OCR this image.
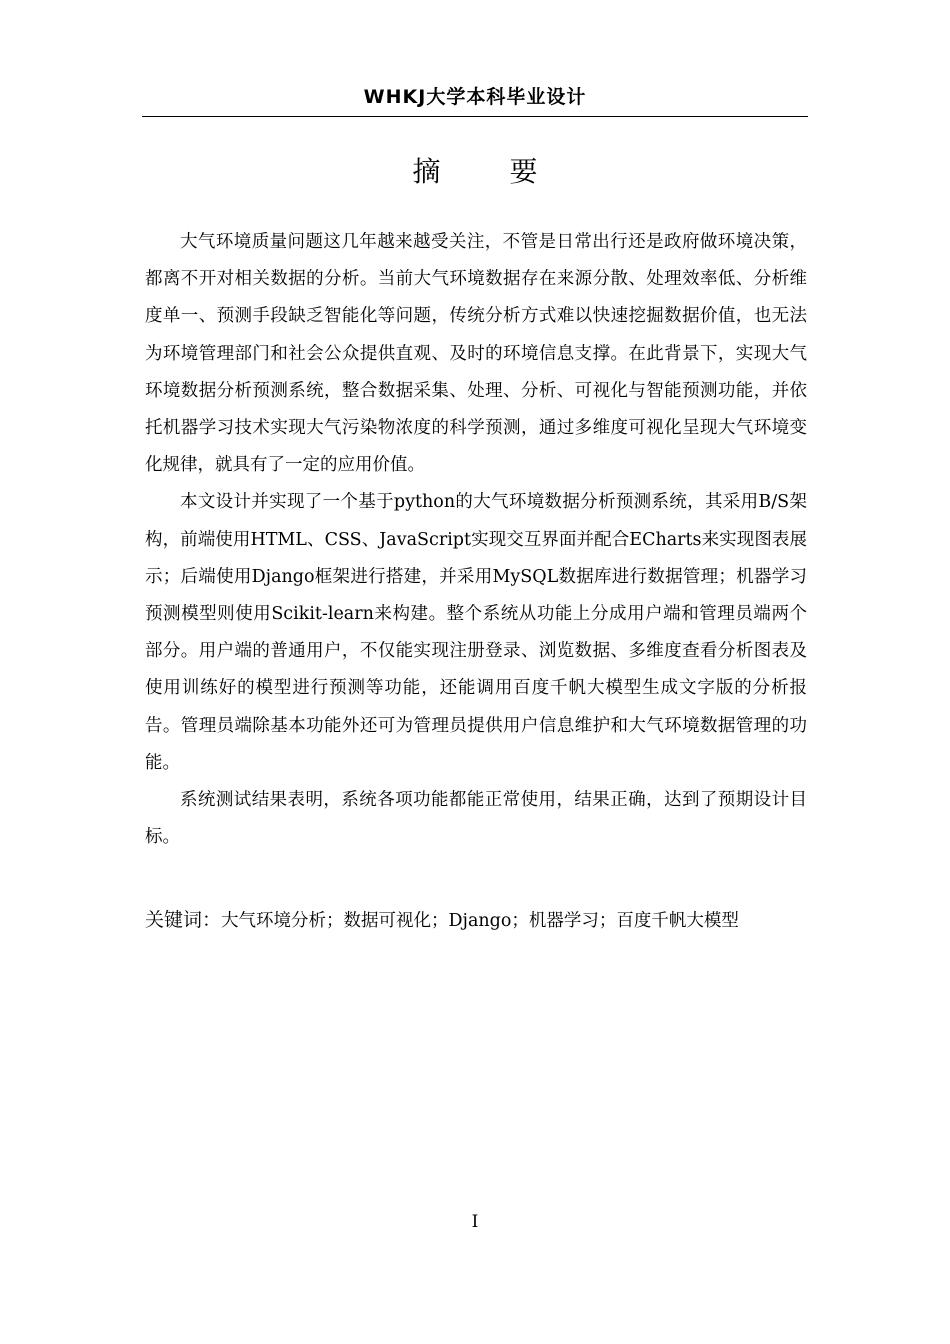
WHKJ大学本科毕业设计
摘 要

大气环境质量问题这几年越来越受关注，不管是日常出行还是政府做环境决策，都离不开对相关数据的分析。当前大气环境数据存在来源分散、处理效率低、分析维度单一、预测手段缺乏智能化等问题，传统分析方式难以快速挖掘数据价值，也无法为环境管理部门和社会公众提供直观、及时的环境信息支撑。在此背景下，实现大气环境数据分析预测系统，整合数据采集、处理、分析、可视化与智能预测功能，并依托机器学习技术实现大气污染物浓度的科学预测，通过多维度可视化呈现大气环境变化规律，就具有了一定的应用价值。

本文设计并实现了一个基于python的大气环境数据分析预测系统，其采用B/S架构，前端使用HTML、CSS、JavaScript实现交互界面并配合ECharts来实现图表展示；后端使用Django框架进行搭建，并采用MySQL数据库进行数据管理；机器学习预测模型则使用Scikit-learn来构建。整个系统从功能上分成用户端和管理员端两个部分。用户端的普通用户，不仅能实现注册登录、浏览数据、多维度查看分析图表及使用训练好的模型进行预测等功能，还能调用百度千帆大模型生成文字版的分析报告。管理员端除基本功能外还可为管理员提供用户信息维护和大气环境数据管理的功能。

系统测试结果表明，系统各项功能都能正常使用，结果正确，达到了预期设计目标。

关键词：大气环境分析；数据可视化；Django；机器学习；百度千帆大模型
I
